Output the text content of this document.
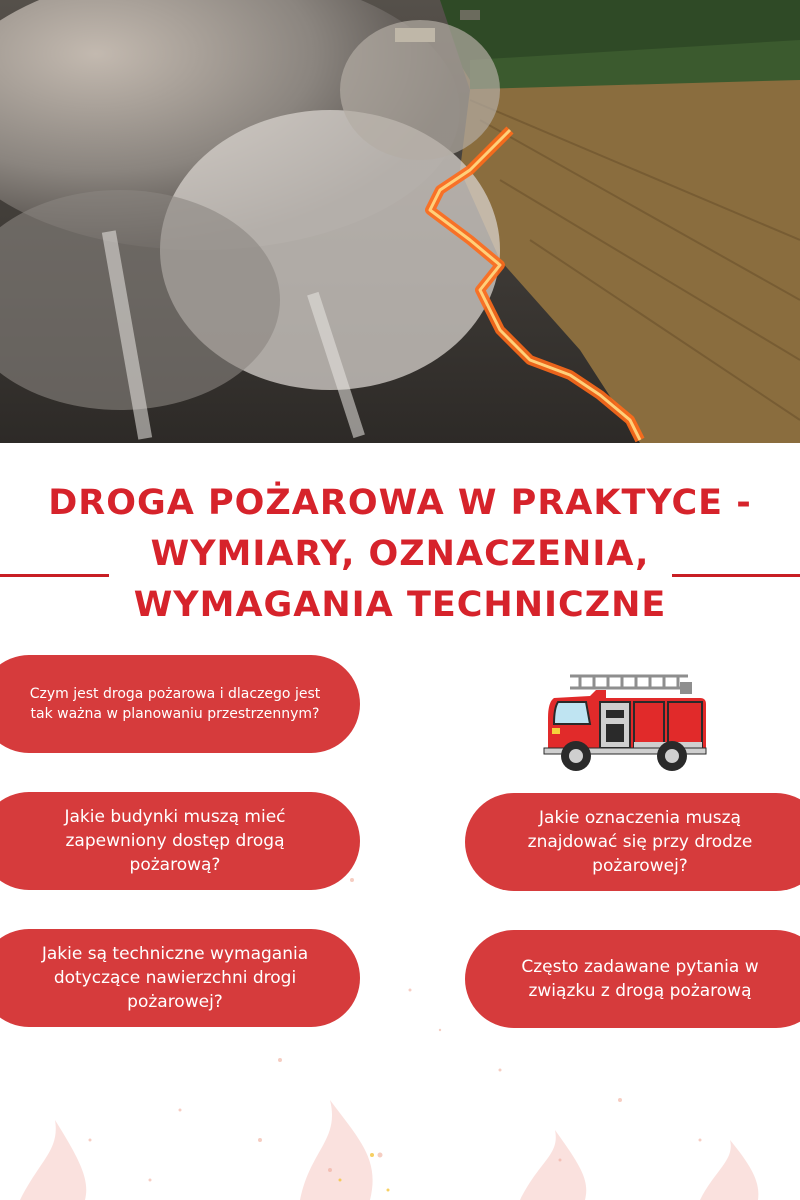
DROGA POŻAROWA W PRAKTYCE -
WYMIARY, OZNACZENIA,
WYMAGANIA TECHNICZNE
Czym jest droga pożarowa i dlaczego jest tak ważna w planowaniu przestrzennym?
Jakie budynki muszą mieć zapewniony dostęp drogą pożarową?
Jakie są techniczne wymagania dotyczące nawierzchni drogi pożarowej?
Jakie oznaczenia muszą znajdować się przy drodze pożarowej?
Często zadawane pytania w związku z drogą pożarową
